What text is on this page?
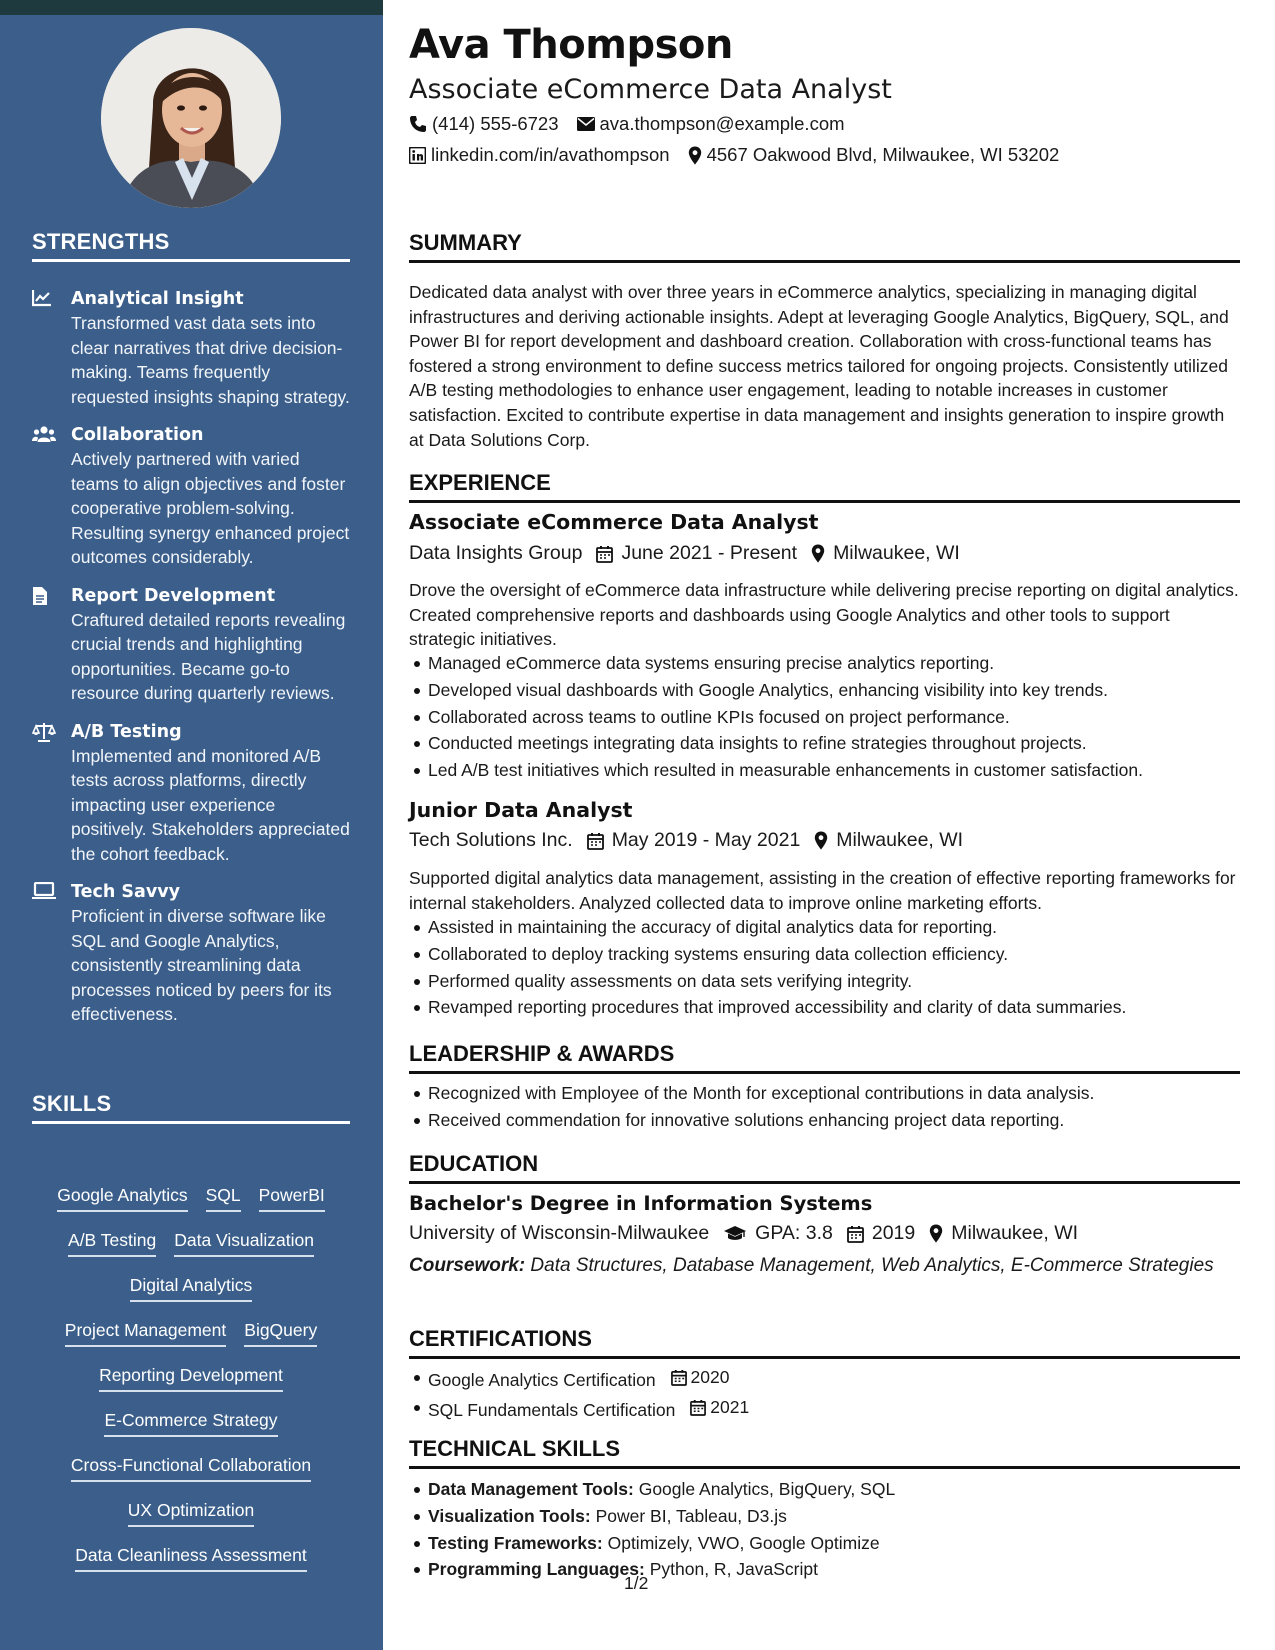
STRENGTHS
Analytical Insight
Transformed vast data sets into clear narratives that drive decision-making. Teams frequently requested insights shaping strategy.
Collaboration
Actively partnered with varied teams to align objectives and foster cooperative problem-solving. Resulting synergy enhanced project outcomes considerably.
Report Development
Craftured detailed reports revealing crucial trends and highlighting opportunities. Became go-to resource during quarterly reviews.
A/B Testing
Implemented and monitored A/B tests across platforms, directly impacting user experience positively. Stakeholders appreciated the cohort feedback.
Tech Savvy
Proficient in diverse software like SQL and Google Analytics, consistently streamlining data processes noticed by peers for its effectiveness.
SKILLS
Google Analytics SQL PowerBI
A/B Testing Data Visualization
Digital Analytics
Project Management BigQuery
Reporting Development
E-Commerce Strategy
Cross-Functional Collaboration
UX Optimization
Data Cleanliness Assessment
Ava Thompson
Associate eCommerce Data Analyst
(414) 555-6723 ava.thompson@example.com
linkedin.com/in/avathompson 4567 Oakwood Blvd, Milwaukee, WI 53202
SUMMARY
Dedicated data analyst with over three years in eCommerce analytics, specializing in managing digital infrastructures and deriving actionable insights. Adept at leveraging Google Analytics, BigQuery, SQL, and Power BI for report development and dashboard creation. Collaboration with cross-functional teams has fostered a strong environment to define success metrics tailored for ongoing projects. Consistently utilized A/B testing methodologies to enhance user engagement, leading to notable increases in customer satisfaction. Excited to contribute expertise in data management and insights generation to inspire growth at Data Solutions Corp.
EXPERIENCE
Associate eCommerce Data Analyst
Data Insights Group June 2021 - Present Milwaukee, WI
Drove the oversight of eCommerce data infrastructure while delivering precise reporting on digital analytics. Created comprehensive reports and dashboards using Google Analytics and other tools to support strategic initiatives.
Managed eCommerce data systems ensuring precise analytics reporting.
Developed visual dashboards with Google Analytics, enhancing visibility into key trends.
Collaborated across teams to outline KPIs focused on project performance.
Conducted meetings integrating data insights to refine strategies throughout projects.
Led A/B test initiatives which resulted in measurable enhancements in customer satisfaction.
Junior Data Analyst
Tech Solutions Inc. May 2019 - May 2021 Milwaukee, WI
Supported digital analytics data management, assisting in the creation of effective reporting frameworks for internal stakeholders. Analyzed collected data to improve online marketing efforts.
Assisted in maintaining the accuracy of digital analytics data for reporting.
Collaborated to deploy tracking systems ensuring data collection efficiency.
Performed quality assessments on data sets verifying integrity.
Revamped reporting procedures that improved accessibility and clarity of data summaries.
LEADERSHIP & AWARDS
Recognized with Employee of the Month for exceptional contributions in data analysis.
Received commendation for innovative solutions enhancing project data reporting.
EDUCATION
Bachelor's Degree in Information Systems
University of Wisconsin-Milwaukee GPA: 3.8 2019 Milwaukee, WI
Coursework: Data Structures, Database Management, Web Analytics, E-Commerce Strategies
CERTIFICATIONS
Google Analytics Certification 2020
SQL Fundamentals Certification 2021
TECHNICAL SKILLS
Data Management Tools: Google Analytics, BigQuery, SQL
Visualization Tools: Power BI, Tableau, D3.js
Testing Frameworks: Optimizely, VWO, Google Optimize
Programming Languages: Python, R, JavaScript
1/2
